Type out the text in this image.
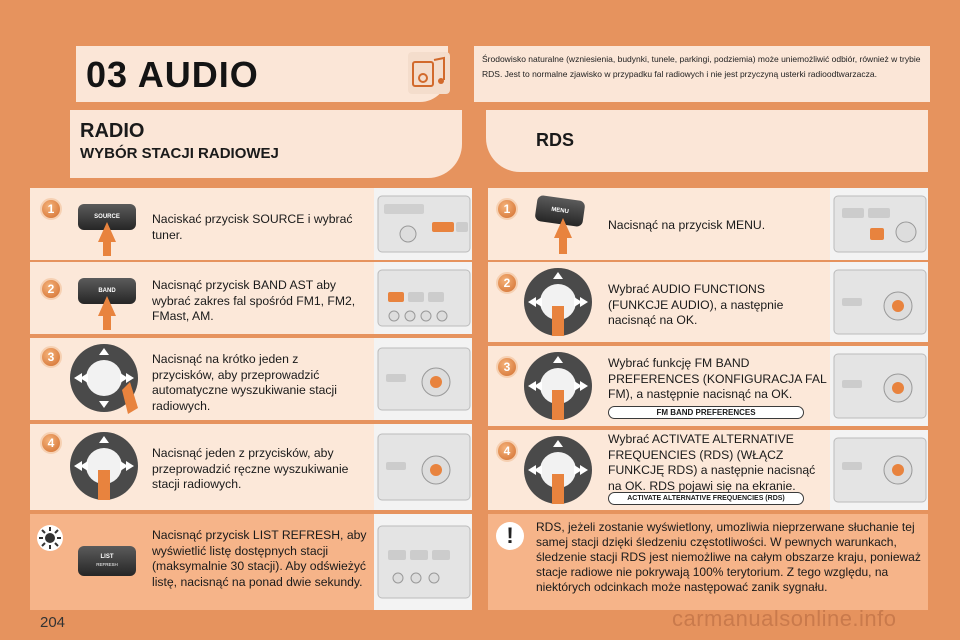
03 AUDIO	Środowisko naturalne (wzniesienia, budynki, tunele, parkingi, podziemia) może uniemożliwić odbiór, również w trybie RDS. Jest to normalne zjawisko w przypadku fal radiowych i nie jest przyczyną usterki radioodtwarzacza.
RADIO
WYBÓR STACJI RADIOWEJ
RDS
1
SOURCE	Naciskać przycisk SOURCE i wybrać tuner.
2	BAND	Nacisnąć przycisk BAND AST aby wybrać zakres fal spośród FM1, FM2, FMast, AM.
3	Nacisnąć na krótko jeden z przycisków, aby przeprowadzić automatyczne wyszukiwanie stacji radiowych.
4
Nacisnąć jeden z przycisków, aby przeprowadzić ręczne wyszukiwanie stacji radiowych.
LIST
REFRESH
Nacisnąć przycisk LIST REFRESH, aby wyświetlić listę dostępnych stacji (maksymalnie 30 stacji). Aby odświeżyć listę, nacisnąć na ponad dwie sekundy.
1	MENU
Nacisnąć na przycisk MENU.
2	Wybrać AUDIO FUNCTIONS (FUNKCJE AUDIO), a następnie nacisnąć na OK.
3	Wybrać funkcję FM BAND PREFERENCES (KONFIGURACJA FAL FM), a następnie nacisnąć na OK.
FM BAND PREFERENCES
4
Wybrać ACTIVATE ALTERNATIVE FREQUENCIES (RDS) (WŁĄCZ FUNKCJĘ RDS) a następnie nacisnąć na OK. RDS pojawi się na ekranie.
ACTIVATE ALTERNATIVE FREQUENCIES (RDS)
!	RDS, jeżeli zostanie wyświetlony, umozliwia nieprzerwane słuchanie tej samej stacji dzięki śledzeniu częstotliwości. W pewnych warunkach, śledzenie stacji RDS jest niemożliwe na całym obszarze kraju, ponieważ stacje radiowe nie pokrywają 100% terytorium. Z tego względu, na niektórych odcinkach może następować zanik sygnału.
204	carmanualsonline.info
